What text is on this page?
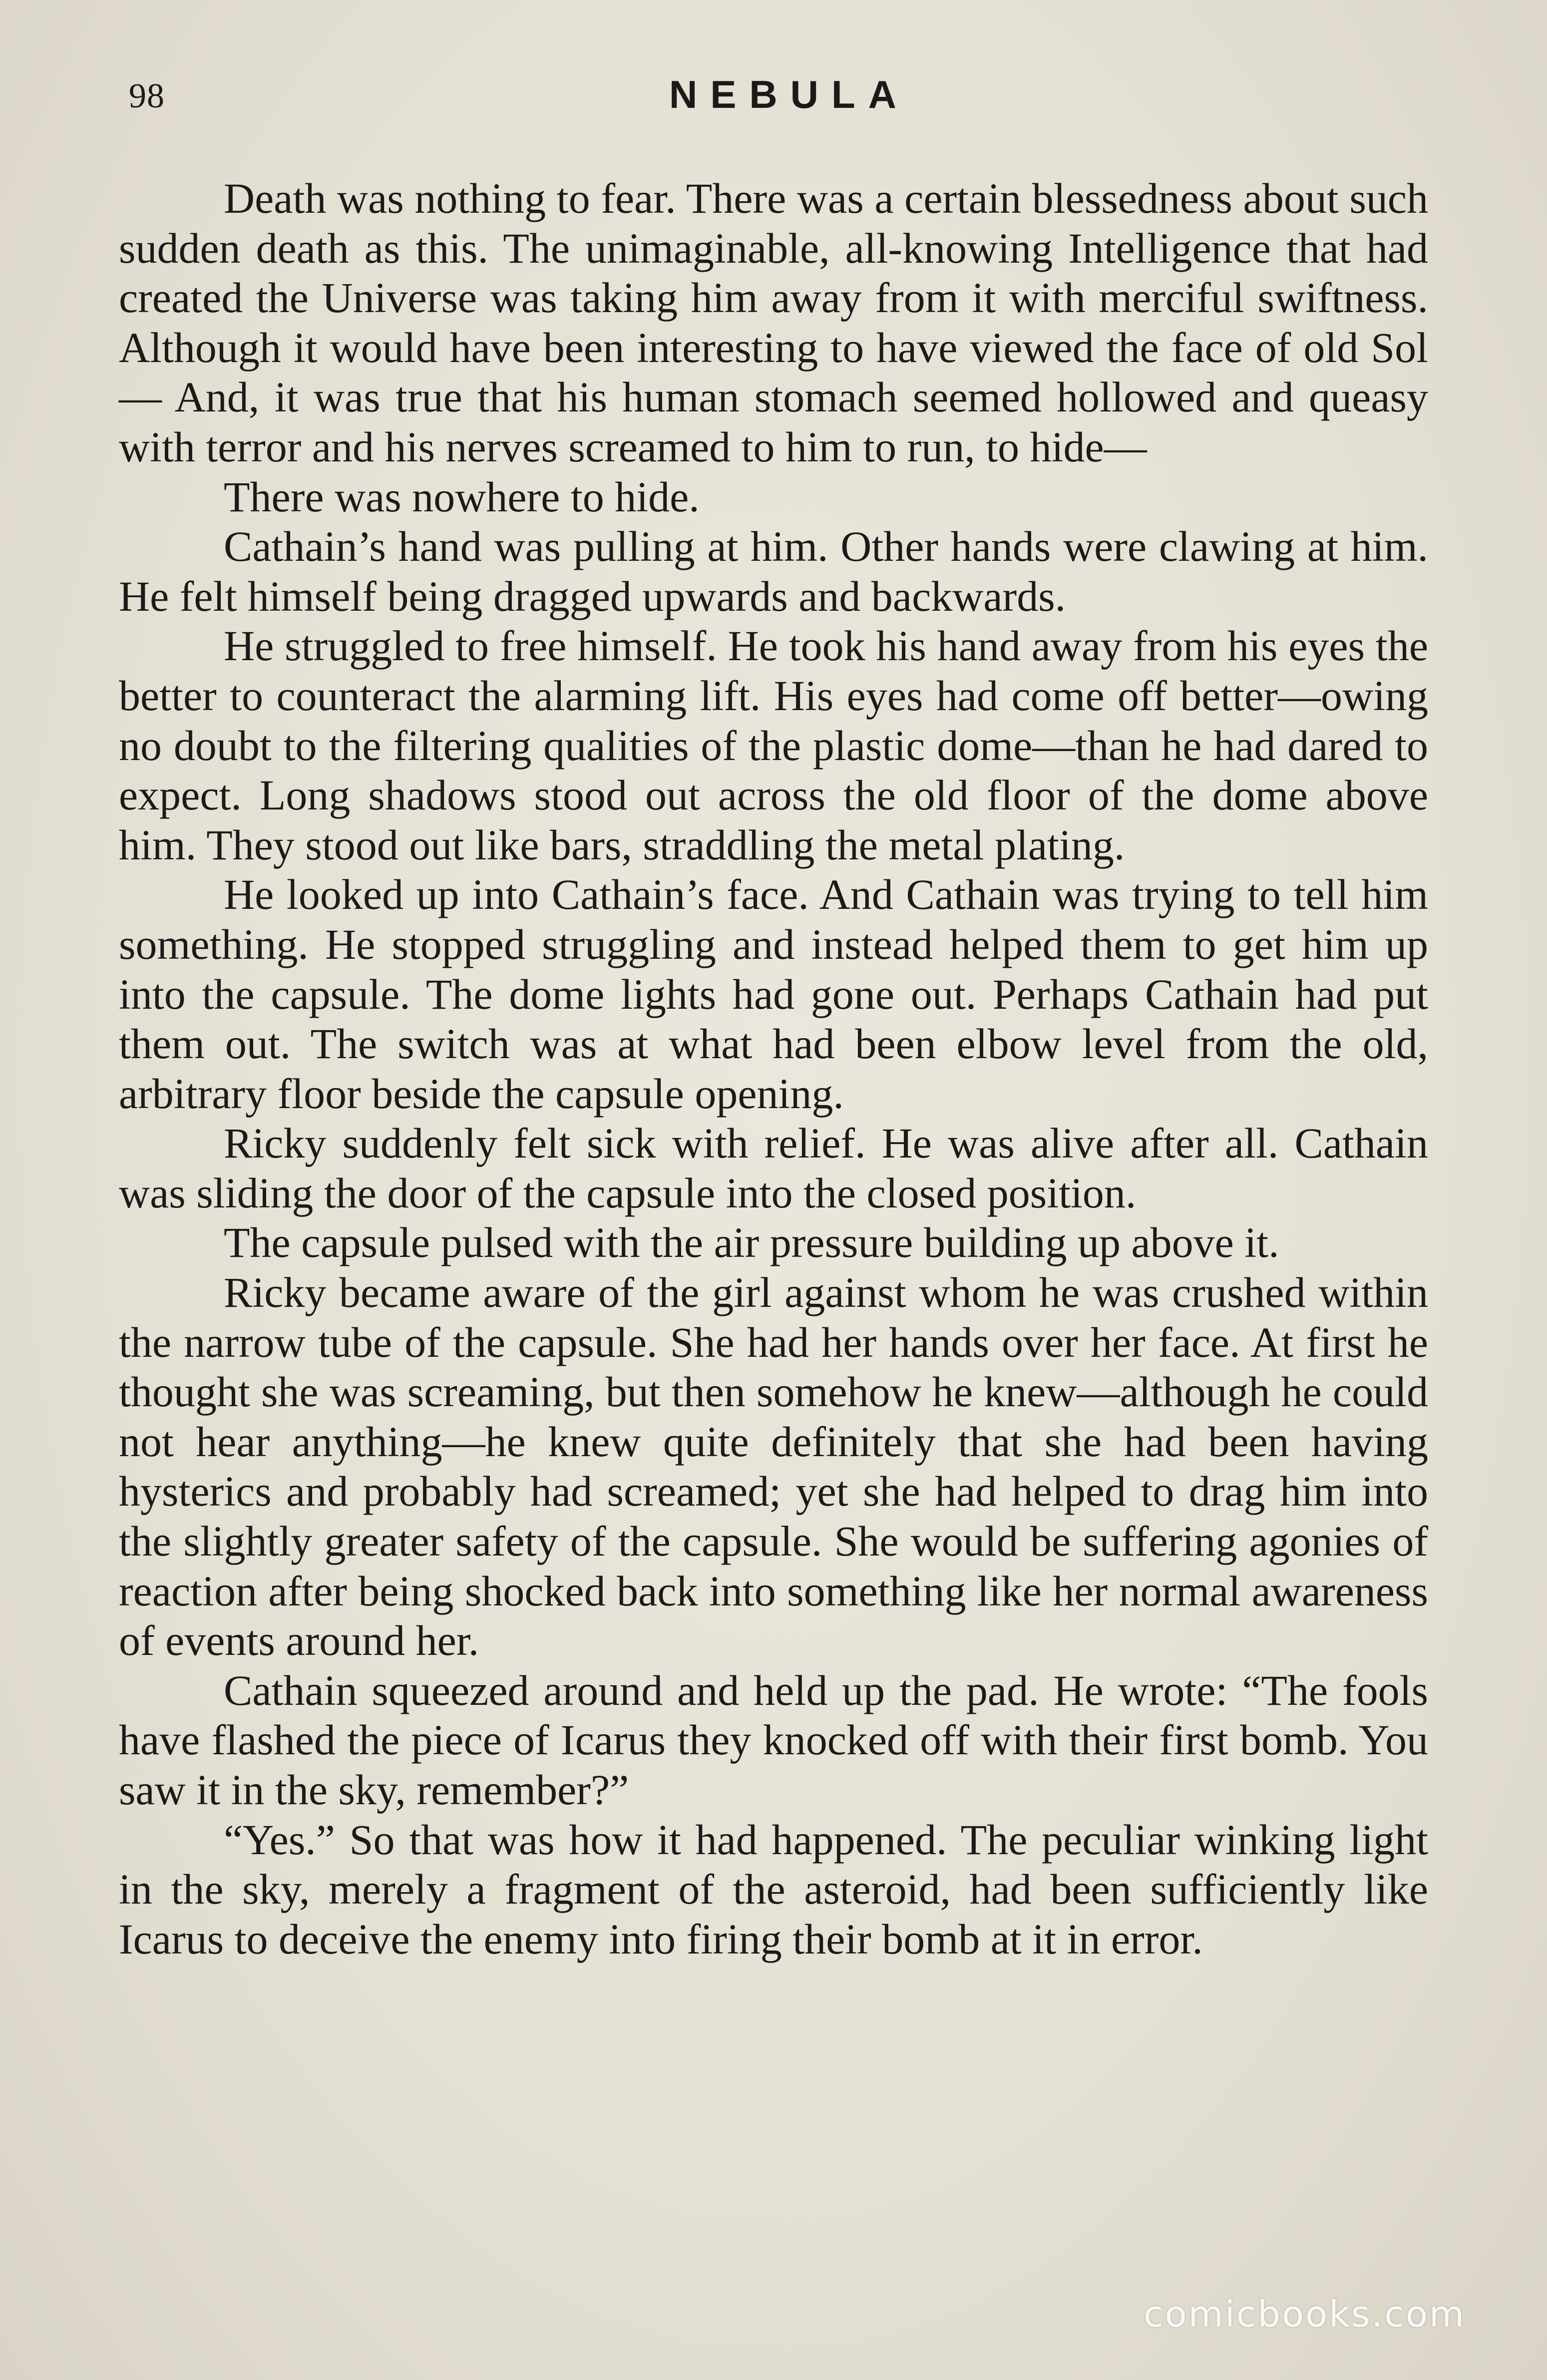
98	NEBULA

Death was nothing to fear. There was a certain blessedness about such sudden death as this. The unimaginable, all-knowing Intelligence that had created the Universe was taking him away from it with merciful swiftness. Although it would have been interesting to have viewed the face of old Sol— And, it was true that his human stomach seemed hollowed and queasy with terror and his nerves screamed to him to run, to hide—

There was nowhere to hide.

Cathain’s hand was pulling at him. Other hands were clawing at him. He felt himself being dragged upwards and backwards.

He struggled to free himself. He took his hand away from his eyes the better to counteract the alarming lift. His eyes had come off better—owing no doubt to the filtering qualities of the plastic dome—than he had dared to expect. Long shadows stood out across the old floor of the dome above him. They stood out like bars, straddling the metal plating.

He looked up into Cathain’s face. And Cathain was trying to tell him something. He stopped struggling and instead helped them to get him up into the capsule. The dome lights had gone out. Perhaps Cathain had put them out. The switch was at what had been elbow level from the old, arbitrary floor beside the capsule opening.

Ricky suddenly felt sick with relief. He was alive after all. Cathain was sliding the door of the capsule into the closed position.

The capsule pulsed with the air pressure building up above it.

Ricky became aware of the girl against whom he was crushed within the narrow tube of the capsule. She had her hands over her face. At first he thought she was screaming, but then somehow he knew—although he could not hear anything—he knew quite definitely that she had been having hysterics and probably had screamed; yet she had helped to drag him into the slightly greater safety of the capsule. She would be suffering agonies of reaction after being shocked back into something like her normal awareness of events around her.

Cathain squeezed around and held up the pad. He wrote: “The fools have flashed the piece of Icarus they knocked off with their first bomb. You saw it in the sky, remember?”

“Yes.” So that was how it had happened. The peculiar winking light in the sky, merely a fragment of the asteroid, had been sufficiently like Icarus to deceive the enemy into firing their bomb at it in error.

comicbooks.com
